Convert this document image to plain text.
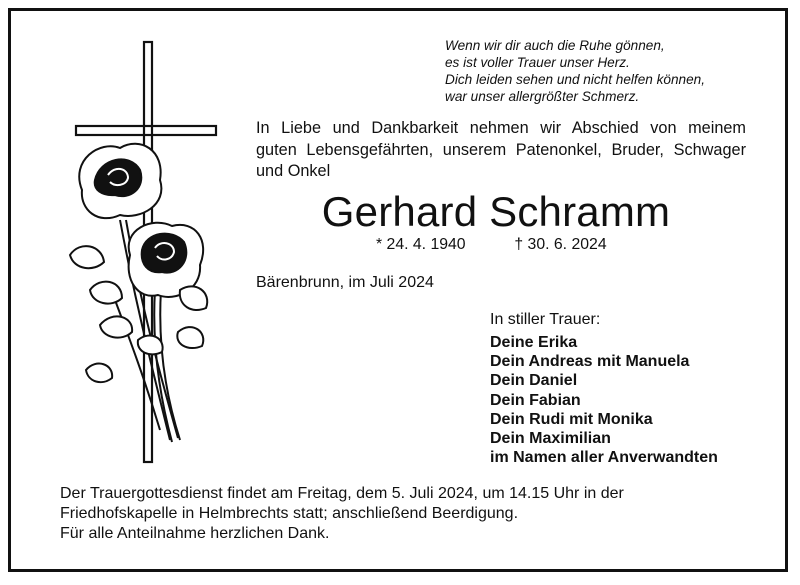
Wenn wir dir auch die Ruhe gönnen,
es ist voller Trauer unser Herz.
Dich leiden sehen und nicht helfen können,
war unser allergrößter Schmerz.
In Liebe und Dankbarkeit nehmen wir Abschied von meinem
guten Lebensgefährten, unserem Patenonkel, Bruder, Schwager
und Onkel
Gerhard Schramm
* 24. 4. 1940	† 30. 6. 2024
Bärenbrunn, im Juli 2024
In stiller Trauer:
Deine Erika
Dein Andreas mit Manuela
Dein Daniel
Dein Fabian
Dein Rudi mit Monika
Dein Maximilian
im Namen aller Anverwandten
Der Trauergottesdienst findet am Freitag, dem 5. Juli 2024, um 14.15 Uhr in der
Friedhofskapelle in Helmbrechts statt; anschließend Beerdigung.
Für alle Anteilnahme herzlichen Dank.
